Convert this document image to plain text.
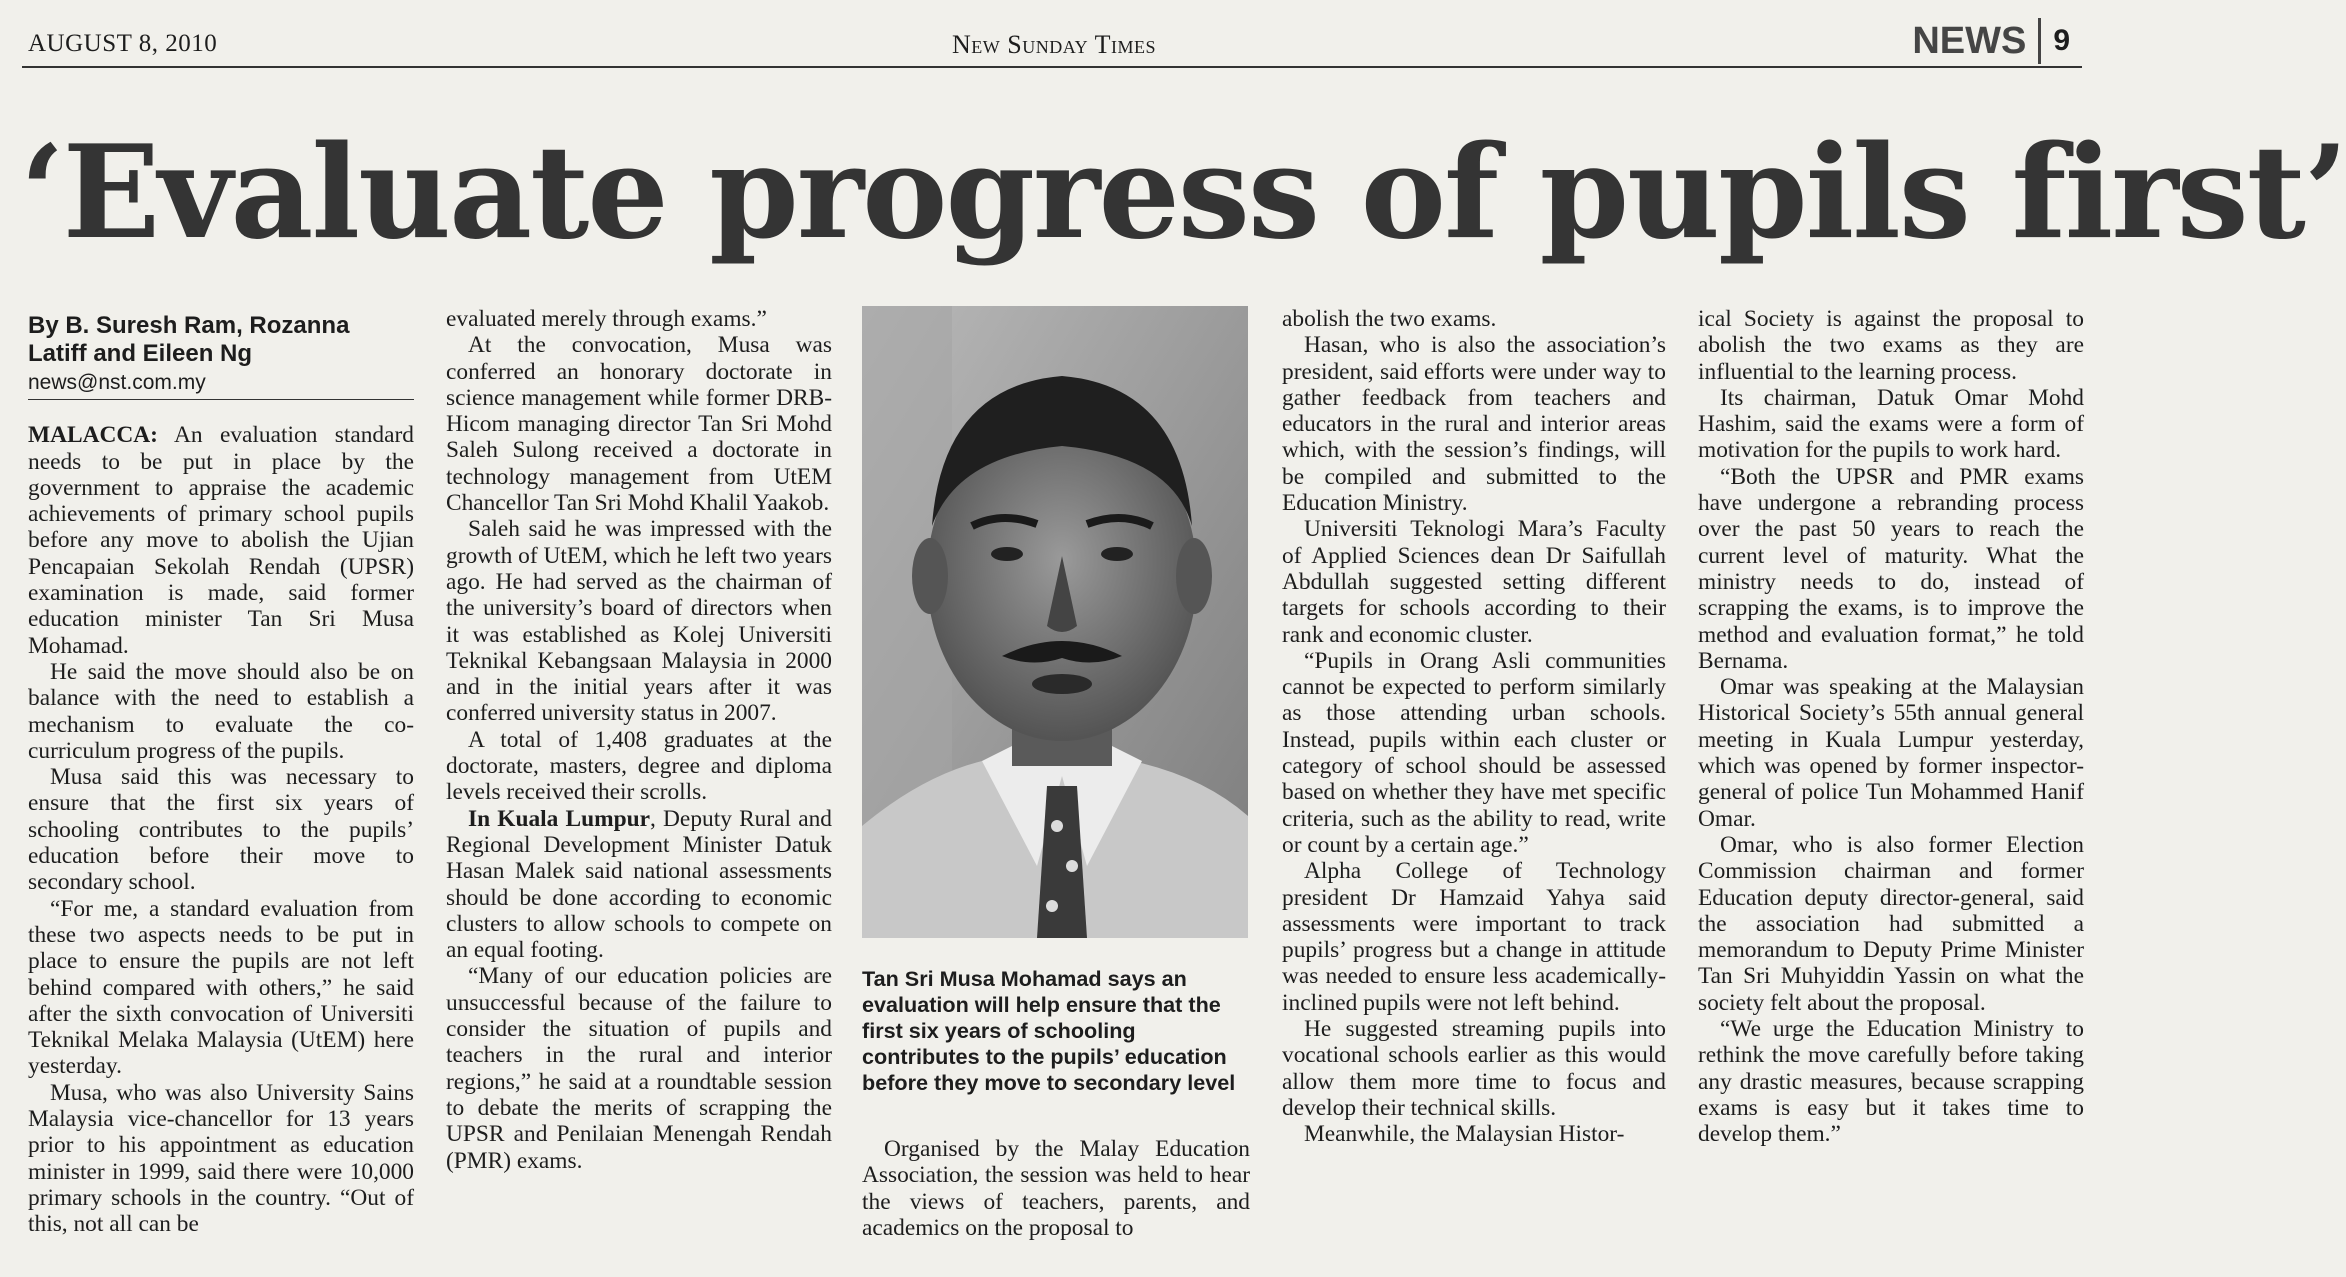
AUGUST 8, 2010	New Sunday Times	NEWS 9
‘Evaluate progress of pupils first’
By B. Suresh Ram, Rozanna Latiff and Eileen Ng
news@nst.com.my

MALACCA: An evaluation standard needs to be put in place by the government to appraise the academic achievements of primary school pupils before any move to abolish the Ujian Pencapaian Sekolah Rendah (UPSR) examination is made, said former education minister Tan Sri Musa Mohamad.

He said the move should also be on balance with the need to establish a mechanism to evaluate the co-curriculum progress of the pupils.

Musa said this was necessary to ensure that the first six years of schooling contributes to the pupils’ education before their move to secondary school.

“For me, a standard evaluation from these two aspects needs to be put in place to ensure the pupils are not left behind compared with others,” he said after the sixth convocation of Universiti Teknikal Melaka Malaysia (UtEM) here yesterday.

Musa, who was also University Sains Malaysia vice-chancellor for 13 years prior to his appointment as education minister in 1999, said there were 10,000 primary schools in the country. “Out of this, not all can be

evaluated merely through exams.”

At the convocation, Musa was conferred an honorary doctorate in science management while former DRB-Hicom managing director Tan Sri Mohd Saleh Sulong received a doctorate in technology management from UtEM Chancellor Tan Sri Mohd Khalil Yaakob.

Saleh said he was impressed with the growth of UtEM, which he left two years ago. He had served as the chairman of the university’s board of directors when it was established as Kolej Universiti Teknikal Kebangsaan Malaysia in 2000 and in the initial years after it was conferred university status in 2007.

A total of 1,408 graduates at the doctorate, masters, degree and diploma levels received their scrolls.

In Kuala Lumpur, Deputy Rural and Regional Development Minister Datuk Hasan Malek said national assessments should be done according to economic clusters to allow schools to compete on an equal footing.

“Many of our education policies are unsuccessful because of the failure to consider the situation of pupils and teachers in the rural and interior regions,” he said at a roundtable session to debate the merits of scrapping the UPSR and Penilaian Menengah Rendah (PMR) exams.

Tan Sri Musa Mohamad says an evaluation will help ensure that the first six years of schooling contributes to the pupils’ education before they move to secondary level

Organised by the Malay Education Association, the session was held to hear the views of teachers, parents, and academics on the proposal to

abolish the two exams.

Hasan, who is also the association’s president, said efforts were under way to gather feedback from teachers and educators in the rural and interior areas which, with the session’s findings, will be compiled and submitted to the Education Ministry.

Universiti Teknologi Mara’s Faculty of Applied Sciences dean Dr Saifullah Abdullah suggested setting different targets for schools according to their rank and economic cluster.

“Pupils in Orang Asli communities cannot be expected to perform similarly as those attending urban schools. Instead, pupils within each cluster or category of school should be assessed based on whether they have met specific criteria, such as the ability to read, write or count by a certain age.”

Alpha College of Technology president Dr Hamzaid Yahya said assessments were important to track pupils’ progress but a change in attitude was needed to ensure less academically-inclined pupils were not left behind.

He suggested streaming pupils into vocational schools earlier as this would allow them more time to focus and develop their technical skills.

Meanwhile, the Malaysian Histor-

ical Society is against the proposal to abolish the two exams as they are influential to the learning process.

Its chairman, Datuk Omar Mohd Hashim, said the exams were a form of motivation for the pupils to work hard.

“Both the UPSR and PMR exams have undergone a rebranding process over the past 50 years to reach the current level of maturity. What the ministry needs to do, instead of scrapping the exams, is to improve the method and evaluation format,” he told Bernama.

Omar was speaking at the Malaysian Historical Society’s 55th annual general meeting in Kuala Lumpur yesterday, which was opened by former inspector-general of police Tun Mohammed Hanif Omar.

Omar, who is also former Election Commission chairman and former Education deputy director-general, said the association had submitted a memorandum to Deputy Prime Minister Tan Sri Muhyiddin Yassin on what the society felt about the proposal.

“We urge the Education Ministry to rethink the move carefully before taking any drastic measures, because scrapping exams is easy but it takes time to develop them.”
